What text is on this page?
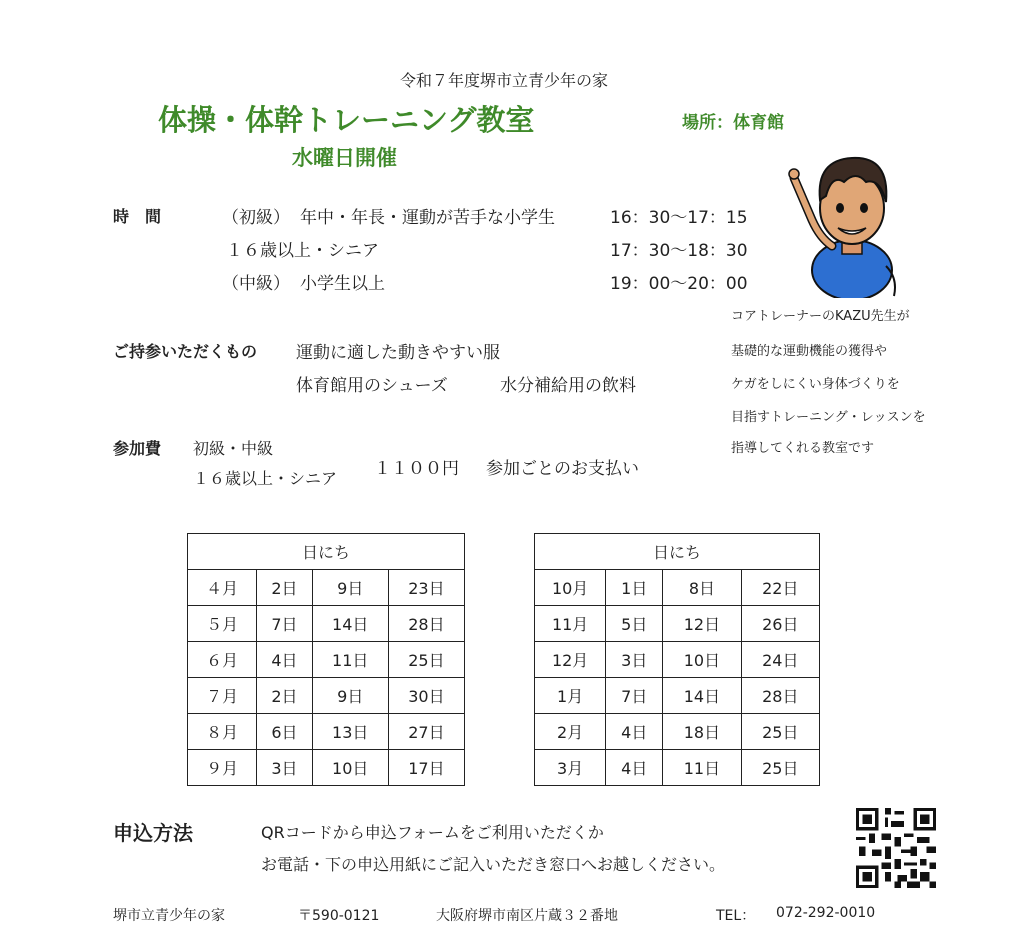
令和７年度堺市立青少年の家
体操・体幹トレーニング教室	場所：体育館
水曜日開催
時　間	（初級） 年中・年長・運動が苦手な小学生	16：30～17：15
１６歳以上・シニア	17：30～18：30
（中級） 小学生以上	19：00～20：00
コアトレーナーのKAZU先生が
基礎的な運動機能の獲得や
ケガをしにくい身体づくりを
目指すトレーニング・レッスンを
指導してくれる教室です
ご持参いただくもの 運動に適した動きやすい服
体育館用のシューズ	水分補給用の飲料
参加費 初級・中級
１６歳以上・シニア １１００円 参加ごとのお支払い
日にち			
４月	2日	9日	23日
５月	7日	14日	28日
６月	4日	11日	25日
７月	2日	9日	30日
８月	6日	13日	27日
９月	3日	10日	17日
日にち			
10月	1日	8日	22日
11月	5日	12日	26日
12月	3日	10日	24日
1月	7日	14日	28日
2月	4日	18日	25日
3月	4日	11日	25日
申込方法	QRコードから申込フォームをご利用いただくか
お電話・下の申込用紙にご記入いただき窓口へお越しください。
堺市立青少年の家	〒590-0121	大阪府堺市南区片蔵３２番地	TEL： 072-292-0010
